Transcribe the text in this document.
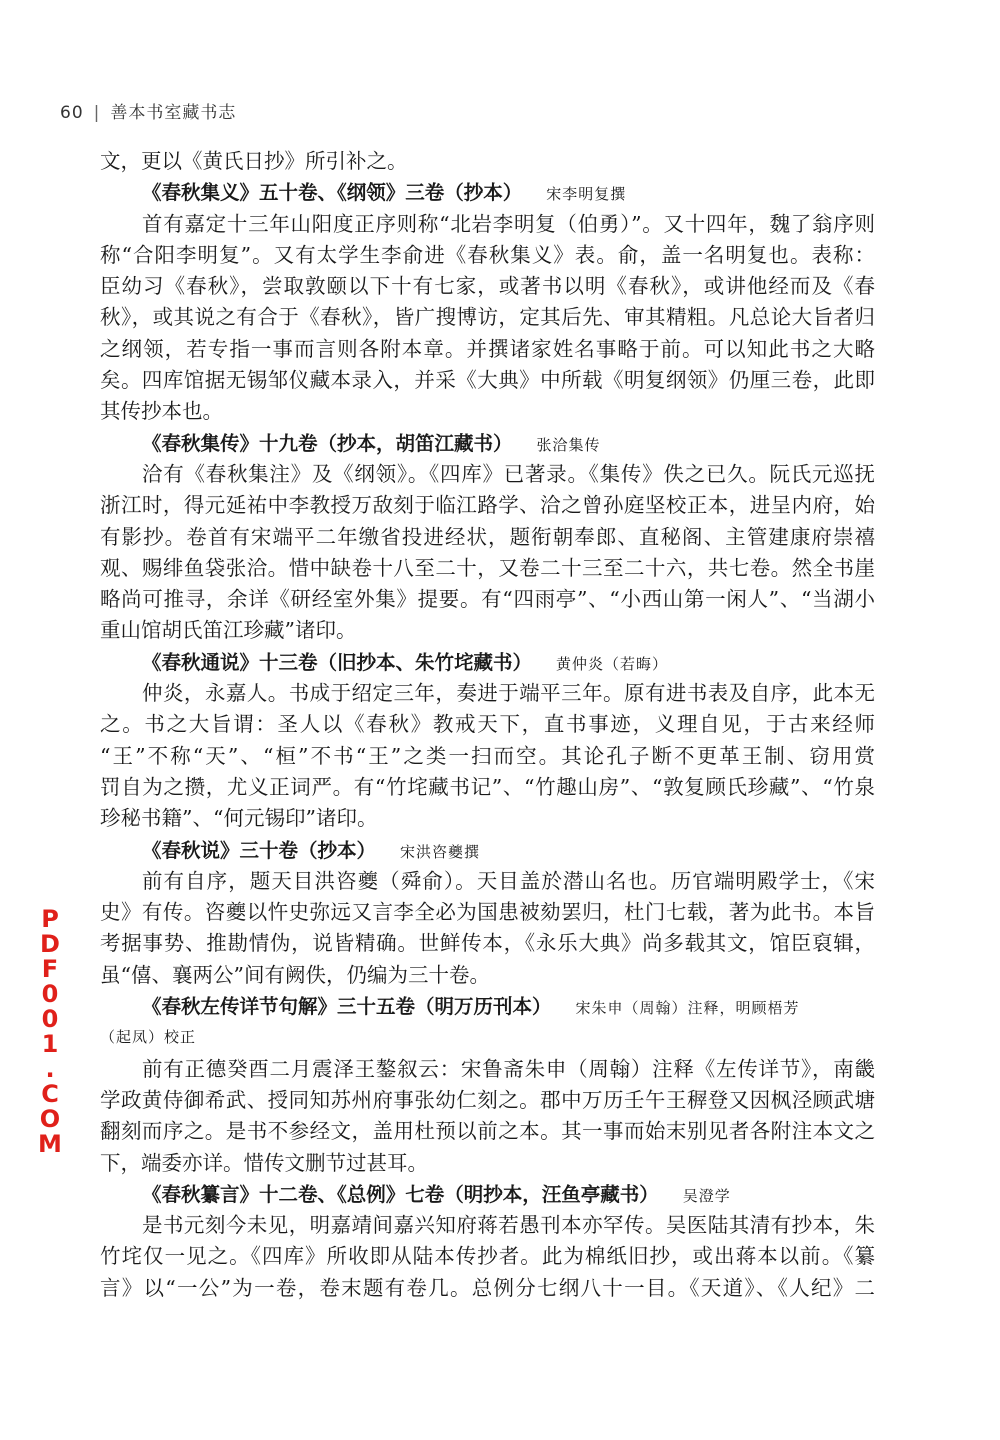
60 | 善本书室藏书志
文，更以《黄氏日抄》所引补之。
《春秋集义》五十卷、《纲领》三卷（抄本） 宋李明复撰
首有嘉定十三年山阳度正序则称“北岩李明复（伯勇）”。又十四年，魏了翁序则
称“合阳李明复”。又有太学生李俞进《春秋集义》表。俞，盖一名明复也。表称：
臣幼习《春秋》，尝取敦颐以下十有七家，或著书以明《春秋》，或讲他经而及《春
秋》，或其说之有合于《春秋》，皆广搜博访，定其后先、审其精粗。凡总论大旨者归
之纲领，若专指一事而言则各附本章。并撰诸家姓名事略于前。可以知此书之大略
矣。四库馆据无锡邹仪藏本录入，并采《大典》中所载《明复纲领》仍厘三卷，此即
其传抄本也。
《春秋集传》十九卷（抄本，胡笛江藏书） 张洽集传
洽有《春秋集注》及《纲领》。《四库》已著录。《集传》佚之已久。阮氏元巡抚
浙江时，得元延祐中李教授万敌刻于临江路学、洽之曾孙庭坚校正本，进呈内府，始
有影抄。卷首有宋端平二年缴省投进经状，题衔朝奉郎、直秘阁、主管建康府崇禧
观、赐绯鱼袋张洽。惜中缺卷十八至二十，又卷二十三至二十六，共七卷。然全书崖
略尚可推寻，余详《研经室外集》提要。有“四雨亭”、“小西山第一闲人”、“当湖小
重山馆胡氏笛江珍藏”诸印。
《春秋通说》十三卷（旧抄本、朱竹垞藏书） 黄仲炎（若晦）
仲炎，永嘉人。书成于绍定三年，奏进于端平三年。原有进书表及自序，此本无
之。书之大旨谓：圣人以《春秋》教戒天下，直书事迹，义理自见，于古来经师
“王”不称“天”、“桓”不书“王”之类一扫而空。其论孔子断不更革王制、窃用赏
罚自为之攒，尤义正词严。有“竹垞藏书记”、“竹趣山房”、“敦复顾氏珍藏”、“竹泉
珍秘书籍”、“何元锡印”诸印。
《春秋说》三十卷（抄本） 宋洪咨夔撰
前有自序，题天目洪咨夔（舜俞）。天目盖於潜山名也。历官端明殿学士，《宋
史》有传。咨夔以忤史弥远又言李全必为国患被劾罢归，杜门七载，著为此书。本旨
考据事势、推勘情伪，说皆精确。世鲜传本，《永乐大典》尚多载其文，馆臣裒辑，
虽“僖、襄两公”间有阙佚，仍编为三十卷。
《春秋左传详节句解》三十五卷（明万历刊本） 宋朱申（周翰）注释，明顾梧芳
（起凤）校正
前有正德癸酉二月震泽王鏊叙云：宋鲁斋朱申（周翰）注释《左传详节》，南畿
学政黄侍御希武、授同知苏州府事张幼仁刻之。郡中万历壬午王稺登又因枫泾顾武塘
翻刻而序之。是书不参经文，盖用杜预以前之本。其一事而始末别见者各附注本文之
下，端委亦详。惜传文删节过甚耳。
《春秋纂言》十二卷、《总例》七卷（明抄本，汪鱼亭藏书） 吴澄学
是书元刻今未见，明嘉靖间嘉兴知府蒋若愚刊本亦罕传。吴医陆其清有抄本，朱
竹垞仅一见之。《四库》所收即从陆本传抄者。此为棉纸旧抄，或出蒋本以前。《纂
言》以“一公”为一卷，卷末题有卷几。总例分七纲八十一目。《天道》、《人纪》二
PDF001.COM
